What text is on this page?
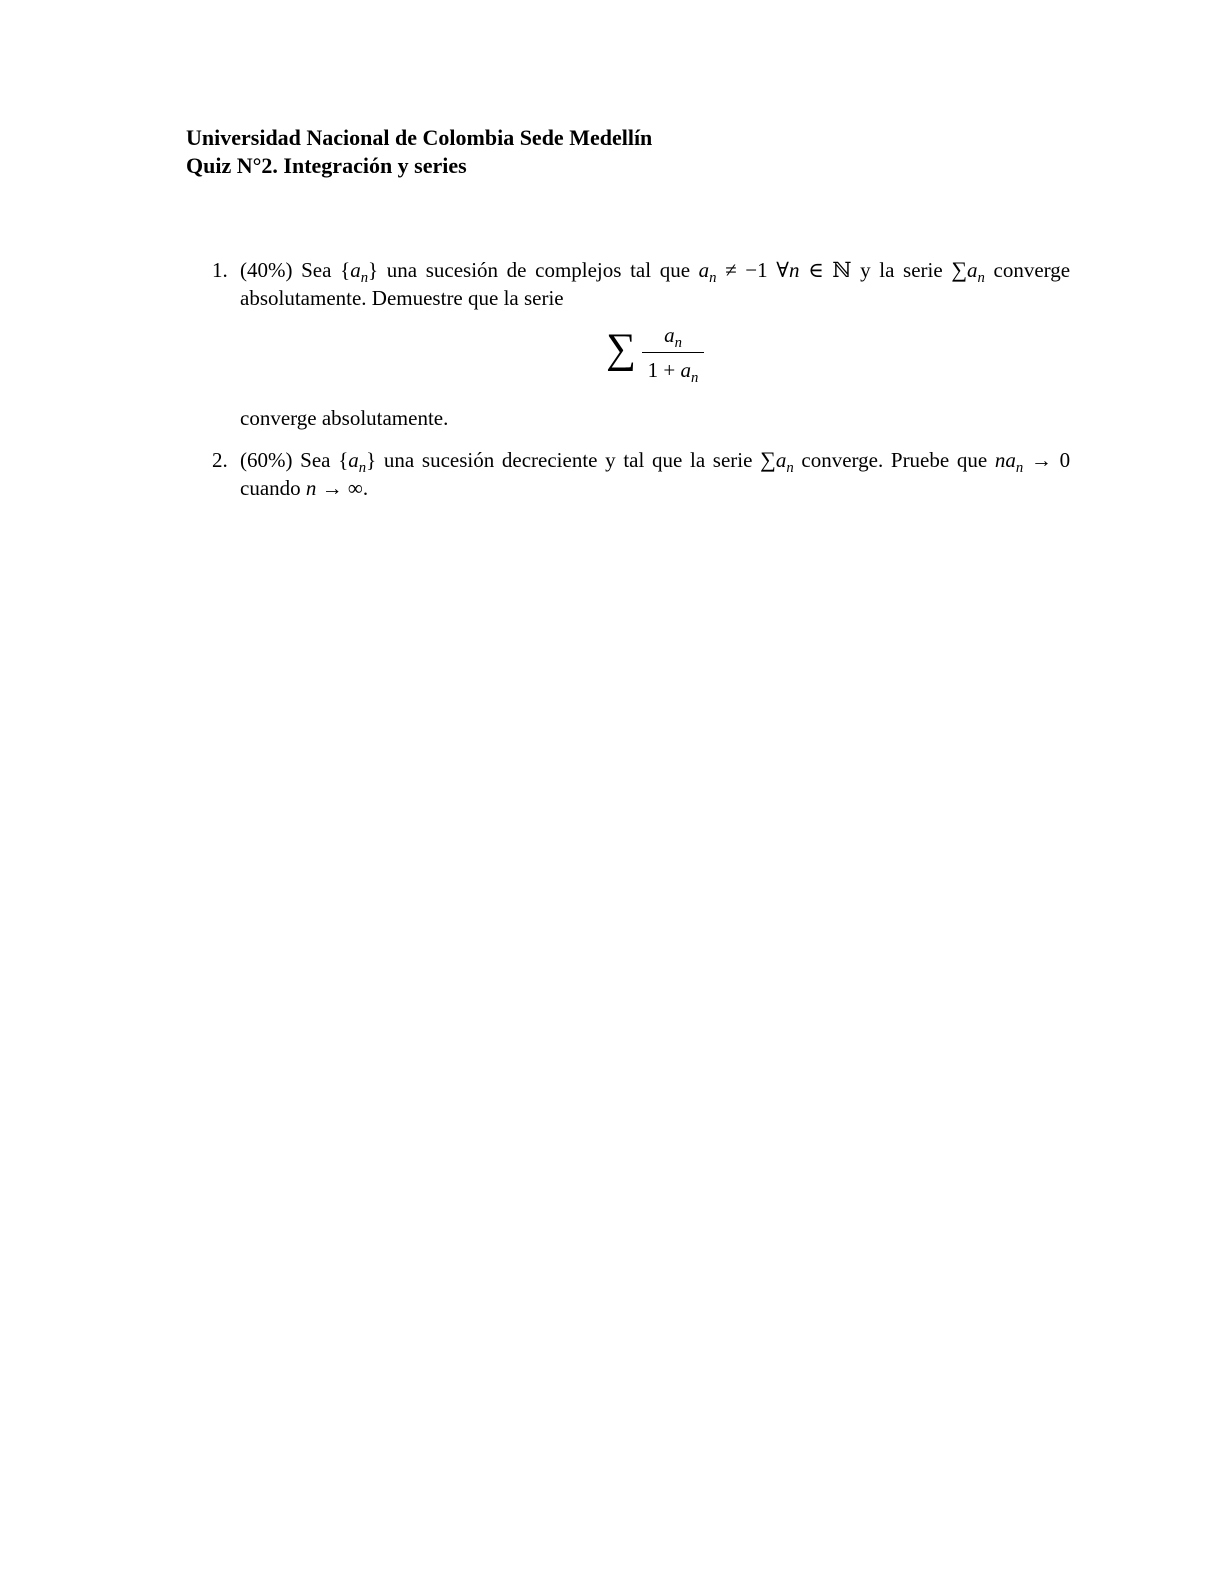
Universidad Nacional de Colombia Sede Medellín
Quiz N°2. Integración y series
1. (40%) Sea $\{a_n\}$ una sucesión de complejos tal que $a_n \ne -1$ ∀n ∈ ℕ y la serie $\sum a_n$ converge absolutamente. Demuestre que la serie
∑	$a_n$
$1 + a_n$
converge absolutamente.
2. (60%) Sea $\{a_n\}$ una sucesión decreciente y tal que la serie $\sum a_n$ converge. Pruebe que $na_n \to 0$ cuando n → ∞.
